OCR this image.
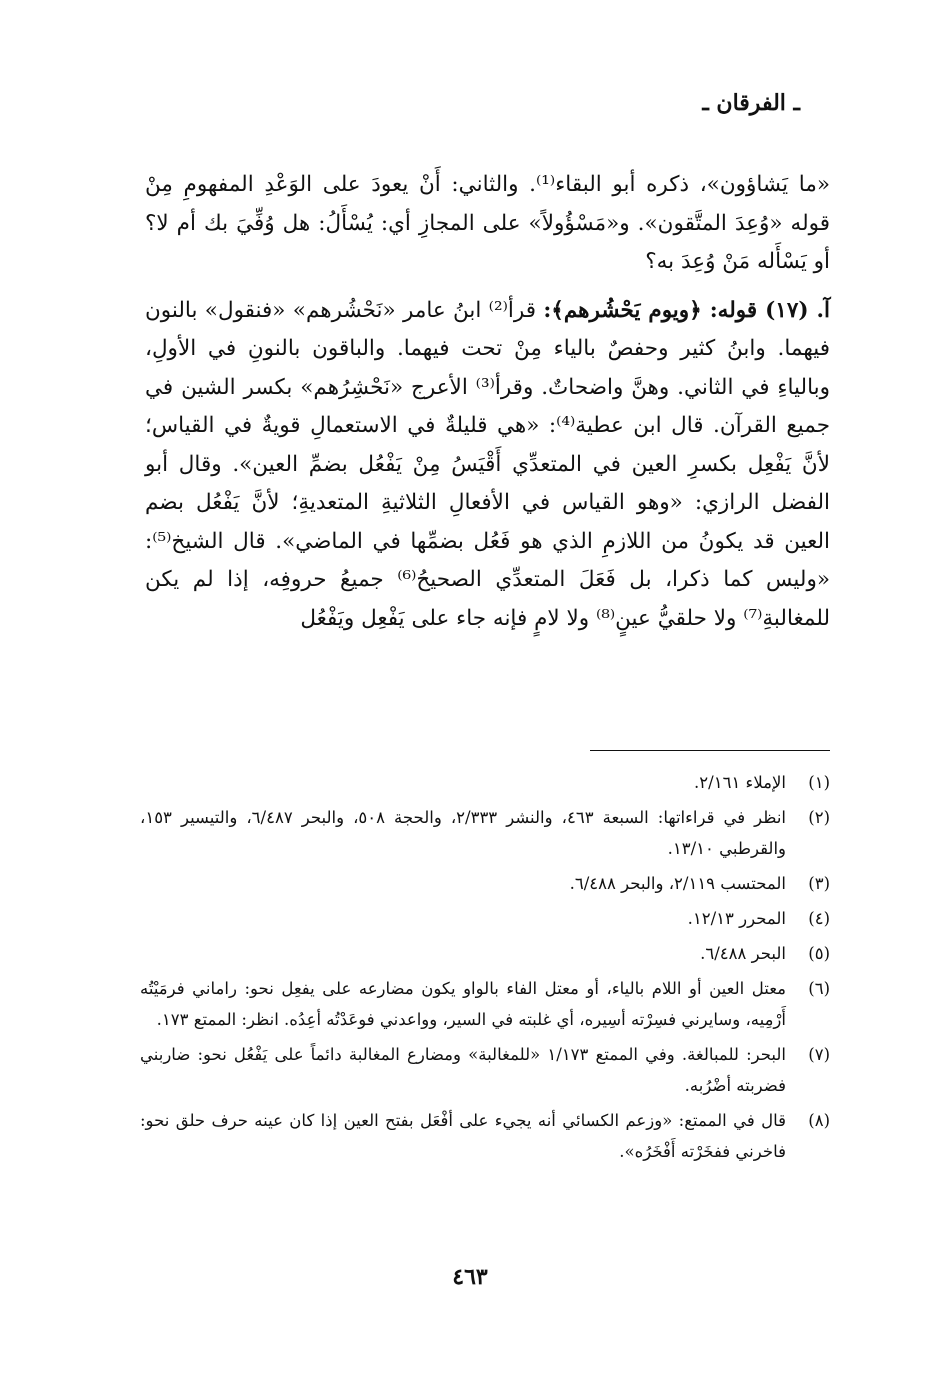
ـ الفرقان ـ

«ما يَشاؤون»، ذكره أبو البقاء⁽¹⁾. والثاني: أَنْ يعودَ على الوَعْدِ المفهومِ مِنْ قوله «وُعِدَ المتَّقون». و«مَسْؤُولاً» على المجازِ أي: يُسْأَلُ: هل وُفِّيَ بك أم لا؟ أو يَسْأَله مَنْ وُعِدَ به؟

آ. (١٧) قوله: ﴿ويوم يَحْشُرهم﴾: قرأ⁽²⁾ ابنُ عامر «نَحْشُرهم» «فنقول» بالنون فيهما. وابنُ كثير وحفصٌ بالياء مِنْ تحت فيهما. والباقون بالنونِ في الأولِ، وبالياءِ في الثاني. وهنَّ واضحاتٌ. وقرأ⁽³⁾ الأعرج «نَحْشِرُهم» بكسر الشين في جميع القرآن. قال ابن عطية⁽⁴⁾: «هي قليلةٌ في الاستعمالِ قويةٌ في القياس؛ لأنَّ يَفْعِل بكسرِ العين في المتعدِّي أَقْيَسُ مِنْ يَفْعُل بضمِّ العين». وقال أبو الفضل الرازي: «وهو القياس في الأفعالِ الثلاثيةِ المتعديةِ؛ لأنَّ يَفْعُل بضم العين قد يكونُ من اللازمِ الذي هو فَعُل بضمِّها في الماضي». قال الشيخ⁽⁵⁾: «وليس كما ذكرا، بل فَعَلَ المتعدِّي الصحيحُ⁽⁶⁾ جميعُ حروفِه، إذا لم يكن للمغالبةِ⁽⁷⁾ ولا حلقيُّ عينٍ⁽⁸⁾ ولا لامٍ فإنه جاء على يَفْعِل ويَفْعُل

(١)
الإملاء ٢/١٦١.
(٢)
انظر في قراءاتها: السبعة ٤٦٣، والنشر ٢/٣٣٣، والحجة ٥٠٨، والبحر ٦/٤٨٧، والتيسير ١٥٣، والقرطبي ١٣/١٠.
(٣)
المحتسب ٢/١١٩، والبحر ٦/٤٨٨.
(٤)
المحرر ١٢/١٣.
(٥)
البحر ٦/٤٨٨.
(٦)
معتل العين أو اللام بالياء، أو معتل الفاء بالواو يكون مضارعه على يفعِل نحو: راماني فرمَيْتُه أَرْمِيه، وسايرني فسِرْته أسِيره، أي غلبته في السير، وواعدني فوعَدْتُه أعِدُه. انظر: الممتع ١٧٣.
(٧)
البحر: للمبالغة. وفي الممتع ١/١٧٣ «للمغالبة» ومضارع المغالبة دائماً على يَفْعُل نحو: ضاربني فضربته أضْرُبه.
(٨)
قال في الممتع: «وزعم الكسائي أنه يجيء على أفْعَل بفتح العين إذا كان عينه حرف حلق نحو: فاخرني ففخَرْته أَفْخَرُه».
٤٦٣
